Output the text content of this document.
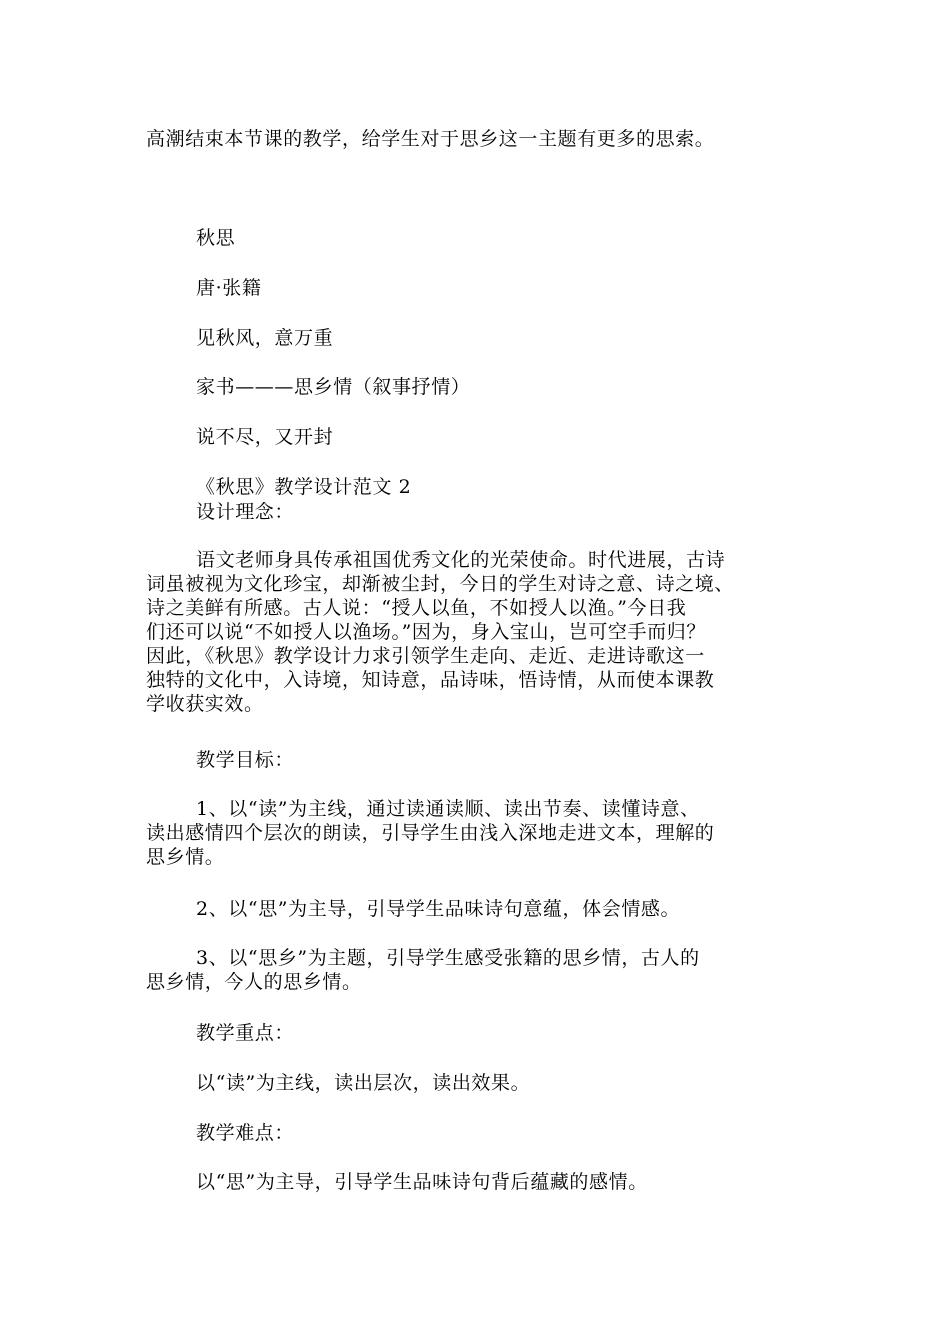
高潮结束本节课的教学，给学生对于思乡这一主题有更多的思索。
秋思
唐·张籍
见秋风，意万重
家书———思乡情（叙事抒情）
说不尽，又开封
《秋思》教学设计范文 2
设计理念：
语文老师身具传承祖国优秀文化的光荣使命。时代进展，古诗
词虽被视为文化珍宝，却渐被尘封，今日的学生对诗之意、诗之境、
诗之美鲜有所感。古人说：“授人以鱼，不如授人以渔。”今日我
们还可以说“不如授人以渔场。”因为，身入宝山，岂可空手而归？
因此，《秋思》教学设计力求引领学生走向、走近、走进诗歌这一
独特的文化中，入诗境，知诗意，品诗味，悟诗情，从而使本课教
学收获实效。
教学目标：
1、以“读”为主线，通过读通读顺、读出节奏、读懂诗意、
读出感情四个层次的朗读，引导学生由浅入深地走进文本，理解的
思乡情。
2、以“思”为主导，引导学生品味诗句意蕴，体会情感。
3、以“思乡”为主题，引导学生感受张籍的思乡情，古人的
思乡情，今人的思乡情。
教学重点：
以“读”为主线，读出层次，读出效果。
教学难点：
以“思”为主导，引导学生品味诗句背后蕴藏的感情。
